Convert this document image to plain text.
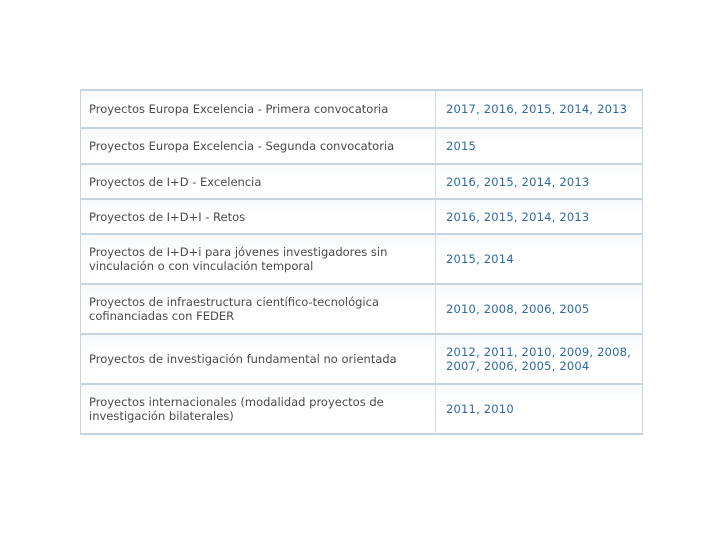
Proyectos Europa Excelencia - Primera convocatoria	2017, 2016, 2015, 2014, 2013
Proyectos Europa Excelencia - Segunda convocatoria	2015
Proyectos de I+D - Excelencia	2016, 2015, 2014, 2013
Proyectos de I+D+I - Retos	2016, 2015, 2014, 2013
Proyectos de I+D+i para jóvenes investigadores sin vinculación o con vinculación temporal	2015, 2014
Proyectos de infraestructura científico-tecnológica cofinanciadas con FEDER	2010, 2008, 2006, 2005
Proyectos de investigación fundamental no orientada	2012, 2011, 2010, 2009, 2008, 2007, 2006, 2005, 2004
Proyectos internacionales (modalidad proyectos de investigación bilaterales)	2011, 2010
